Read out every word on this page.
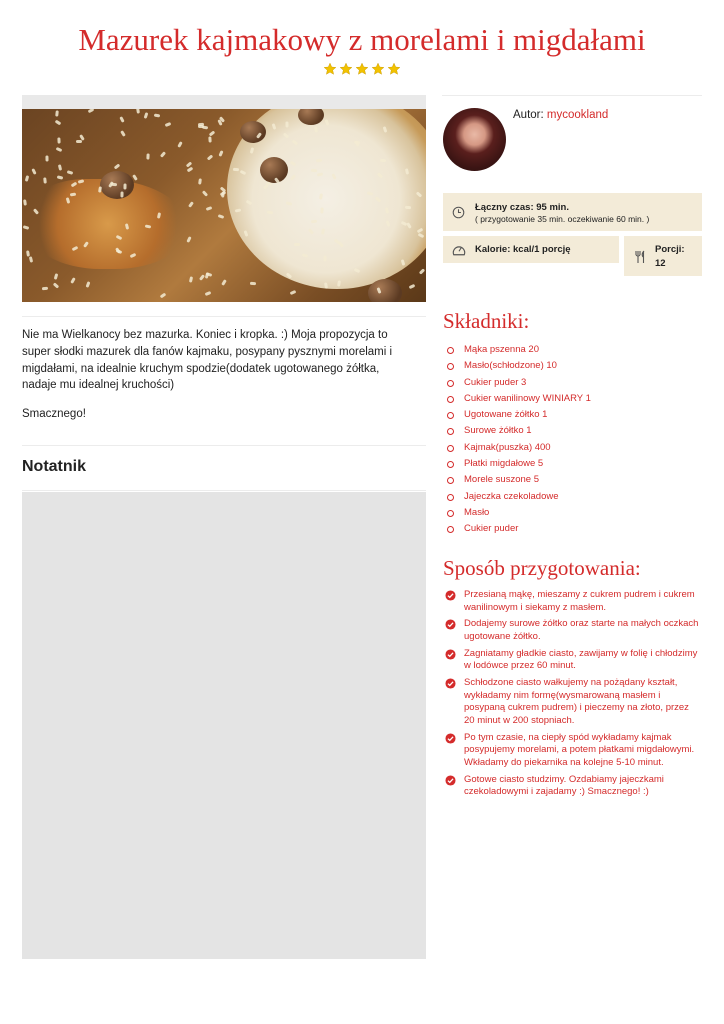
Mazurek kajmakowy z morelami i migdałami

Nie ma Wielkanocy bez mazurka. Koniec i kropka. :) Moja propozycja to super słodki mazurek dla fanów kajmaku, posypany pysznymi morelami i migdałami, na idealnie kruchym spodzie(dodatek ugotowanego żółtka, nadaje mu idealnej kruchości)

Smacznego!

Notatnik
Autor: mycookland
Łączny czas: 95 min.
( przygotowanie 35 min. oczekiwanie 60 min. )
Kalorie: kcal/1 porcję	Porcji:
12
Składniki:
Mąka pszenna 20
Masło(schłodzone) 10
Cukier puder 3
Cukier wanilinowy WINIARY 1
Ugotowane żółtko 1
Surowe żółtko 1
Kajmak(puszka) 400
Płatki migdałowe 5
Morele suszone 5
Jajeczka czekoladowe
Masło
Cukier puder
Sposób przygotowania:
Przesianą mąkę, mieszamy z cukrem pudrem i cukrem wanilinowym i siekamy z masłem.
Dodajemy surowe żółtko oraz starte na małych oczkach ugotowane żółtko.
Zagniatamy gładkie ciasto, zawijamy w folię i chłodzimy w lodówce przez 60 minut.
Schłodzone ciasto wałkujemy na pożądany kształt, wykładamy nim formę(wysmarowaną masłem i posypaną cukrem pudrem) i pieczemy na złoto, przez 20 minut w 200 stopniach.
Po tym czasie, na ciepły spód wykładamy kajmak posypujemy morelami, a potem płatkami migdałowymi. Wkładamy do piekarnika na kolejne 5-10 minut.
Gotowe ciasto studzimy. Ozdabiamy jajeczkami czekoladowymi i zajadamy :) Smacznego! :)
